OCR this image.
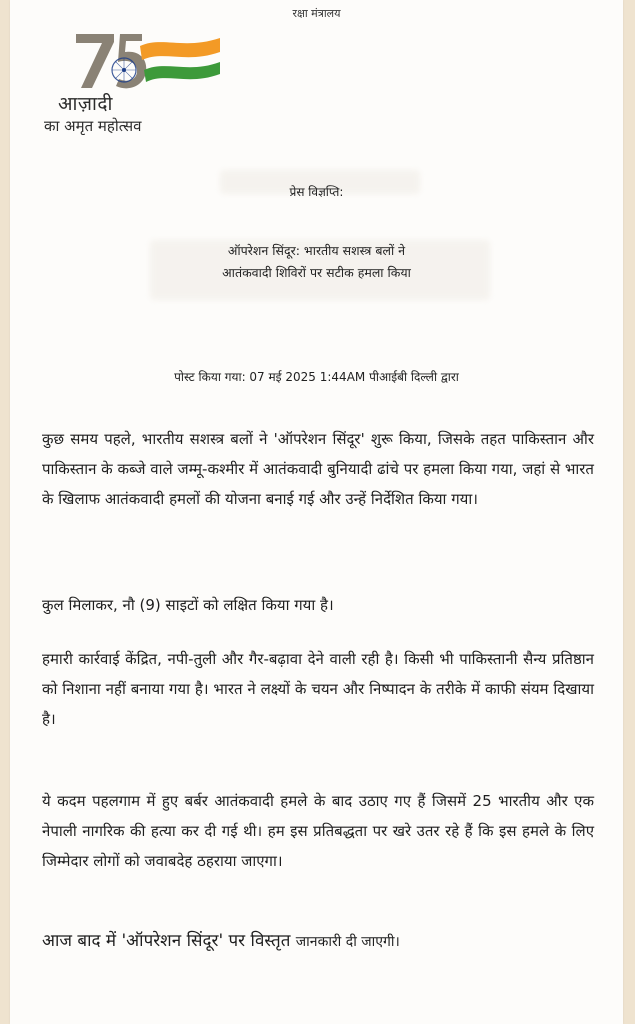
रक्षा मंत्रालय
आज़ादी
का अमृत महोत्सव
प्रेस विज्ञप्ति:
ऑपरेशन सिंदूर: भारतीय सशस्त्र बलों ने
आतंकवादी शिविरों पर सटीक हमला किया
पोस्ट किया गया: 07 मई 2025 1:44AM पीआईबी दिल्ली द्वारा
कुछ समय पहले, भारतीय सशस्त्र बलों ने 'ऑपरेशन सिंदूर' शुरू किया, जिसके तहत पाकिस्तान और पाकिस्तान के कब्जे वाले जम्मू-कश्मीर में आतंकवादी बुनियादी ढांचे पर हमला किया गया, जहां से भारत के खिलाफ आतंकवादी हमलों की योजना बनाई गई और उन्हें निर्देशित किया गया।
कुल मिलाकर, नौ (9) साइटों को लक्षित किया गया है।
हमारी कार्रवाई केंद्रित, नपी-तुली और गैर-बढ़ावा देने वाली रही है। किसी भी पाकिस्तानी सैन्य प्रतिष्ठान को निशाना नहीं बनाया गया है। भारत ने लक्ष्यों के चयन और निष्पादन के तरीके में काफी संयम दिखाया है।
ये कदम पहलगाम में हुए बर्बर आतंकवादी हमले के बाद उठाए गए हैं जिसमें 25 भारतीय और एक नेपाली नागरिक की हत्या कर दी गई थी। हम इस प्रतिबद्धता पर खरे उतर रहे हैं कि इस हमले के लिए जिम्मेदार लोगों को जवाबदेह ठहराया जाएगा।
आज बाद में 'ऑपरेशन सिंदूर' पर विस्तृत जानकारी दी जाएगी।
